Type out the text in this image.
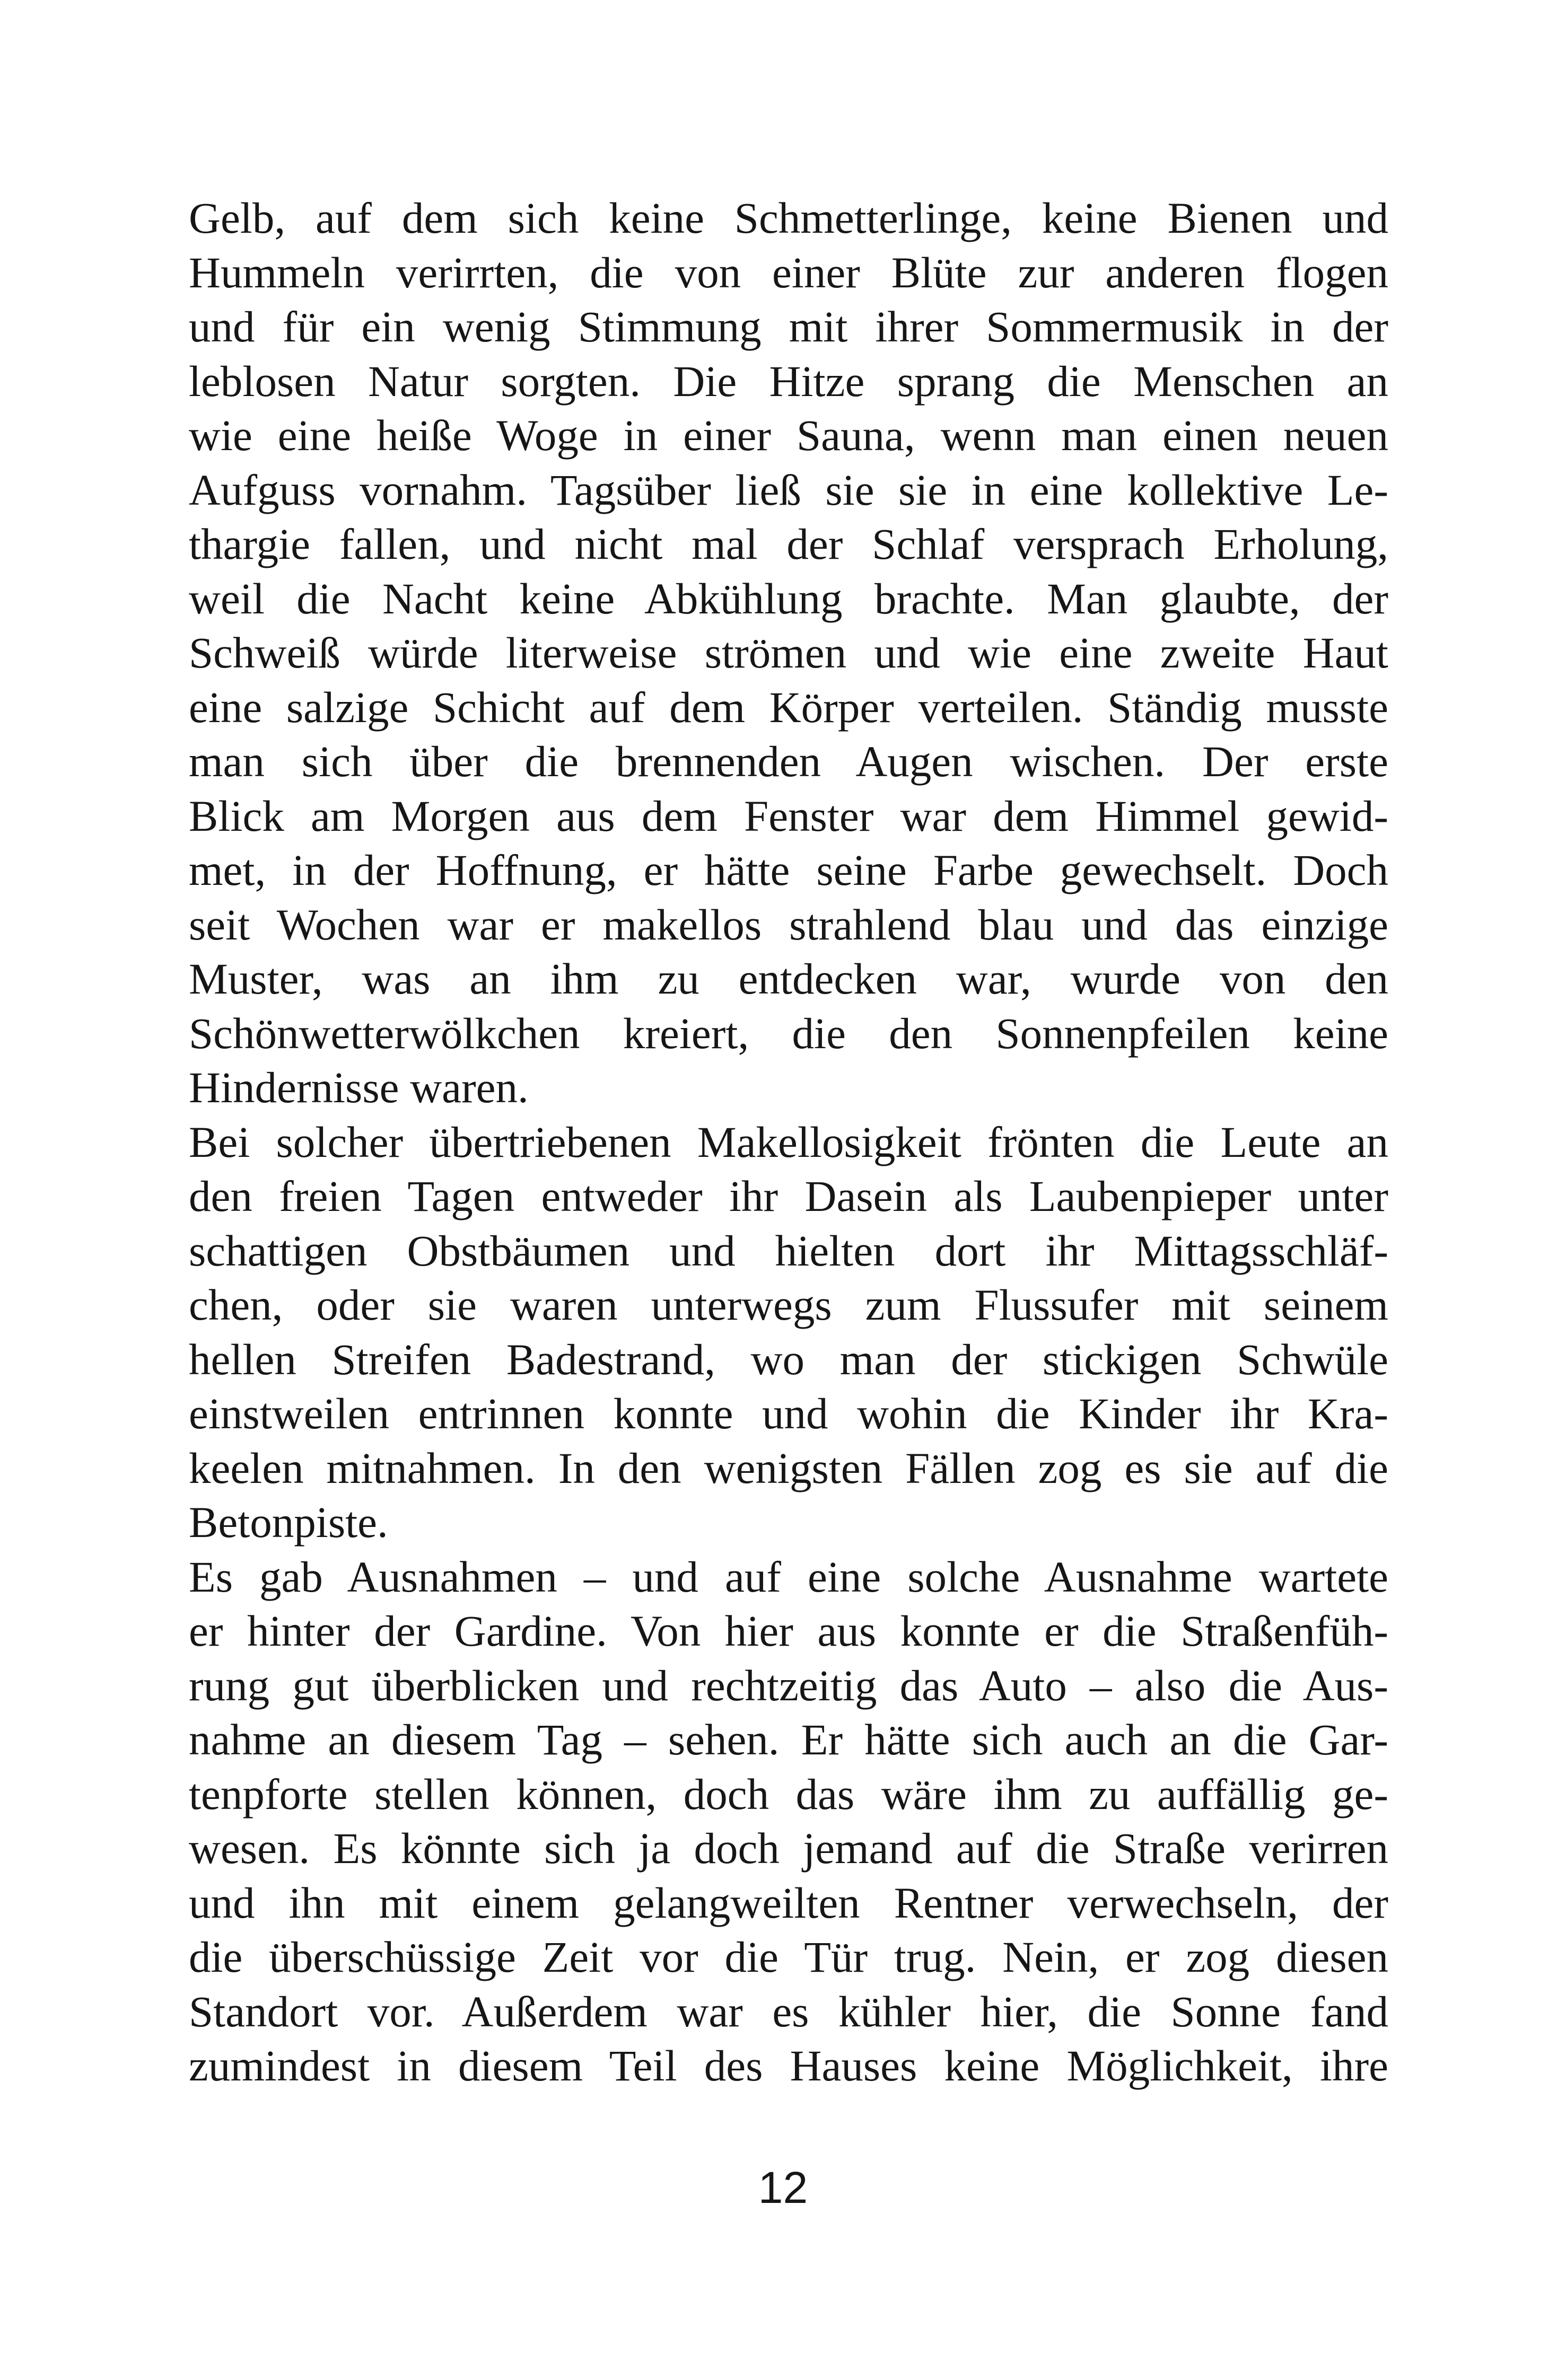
Gelb, auf dem sich keine Schmetterlinge, keine Bienen und
Hummeln verirrten, die von einer Blüte zur anderen flogen
und für ein wenig Stimmung mit ihrer Sommermusik in der
leblosen Natur sorgten. Die Hitze sprang die Menschen an
wie eine heiße Woge in einer Sauna, wenn man einen neuen
Aufguss vornahm. Tagsüber ließ sie sie in eine kollektive Le-
thargie fallen, und nicht mal der Schlaf versprach Erholung,
weil die Nacht keine Abkühlung brachte. Man glaubte, der
Schweiß würde literweise strömen und wie eine zweite Haut
eine salzige Schicht auf dem Körper verteilen. Ständig musste
man sich über die brennenden Augen wischen. Der erste
Blick am Morgen aus dem Fenster war dem Himmel gewid-
met, in der Hoffnung, er hätte seine Farbe gewechselt. Doch
seit Wochen war er makellos strahlend blau und das einzige
Muster, was an ihm zu entdecken war, wurde von den
Schönwetterwölkchen kreiert, die den Sonnenpfeilen keine
Hindernisse waren.
Bei solcher übertriebenen Makellosigkeit frönten die Leute an
den freien Tagen entweder ihr Dasein als Laubenpieper unter
schattigen Obstbäumen und hielten dort ihr Mittagsschläf-
chen, oder sie waren unterwegs zum Flussufer mit seinem
hellen Streifen Badestrand, wo man der stickigen Schwüle
einstweilen entrinnen konnte und wohin die Kinder ihr Kra-
keelen mitnahmen. In den wenigsten Fällen zog es sie auf die
Betonpiste.
Es gab Ausnahmen – und auf eine solche Ausnahme wartete
er hinter der Gardine. Von hier aus konnte er die Straßenfüh-
rung gut überblicken und rechtzeitig das Auto – also die Aus-
nahme an diesem Tag – sehen. Er hätte sich auch an die Gar-
tenpforte stellen können, doch das wäre ihm zu auffällig ge-
wesen. Es könnte sich ja doch jemand auf die Straße verirren
und ihn mit einem gelangweilten Rentner verwechseln, der
die überschüssige Zeit vor die Tür trug. Nein, er zog diesen
Standort vor. Außerdem war es kühler hier, die Sonne fand
zumindest in diesem Teil des Hauses keine Möglichkeit, ihre
12
